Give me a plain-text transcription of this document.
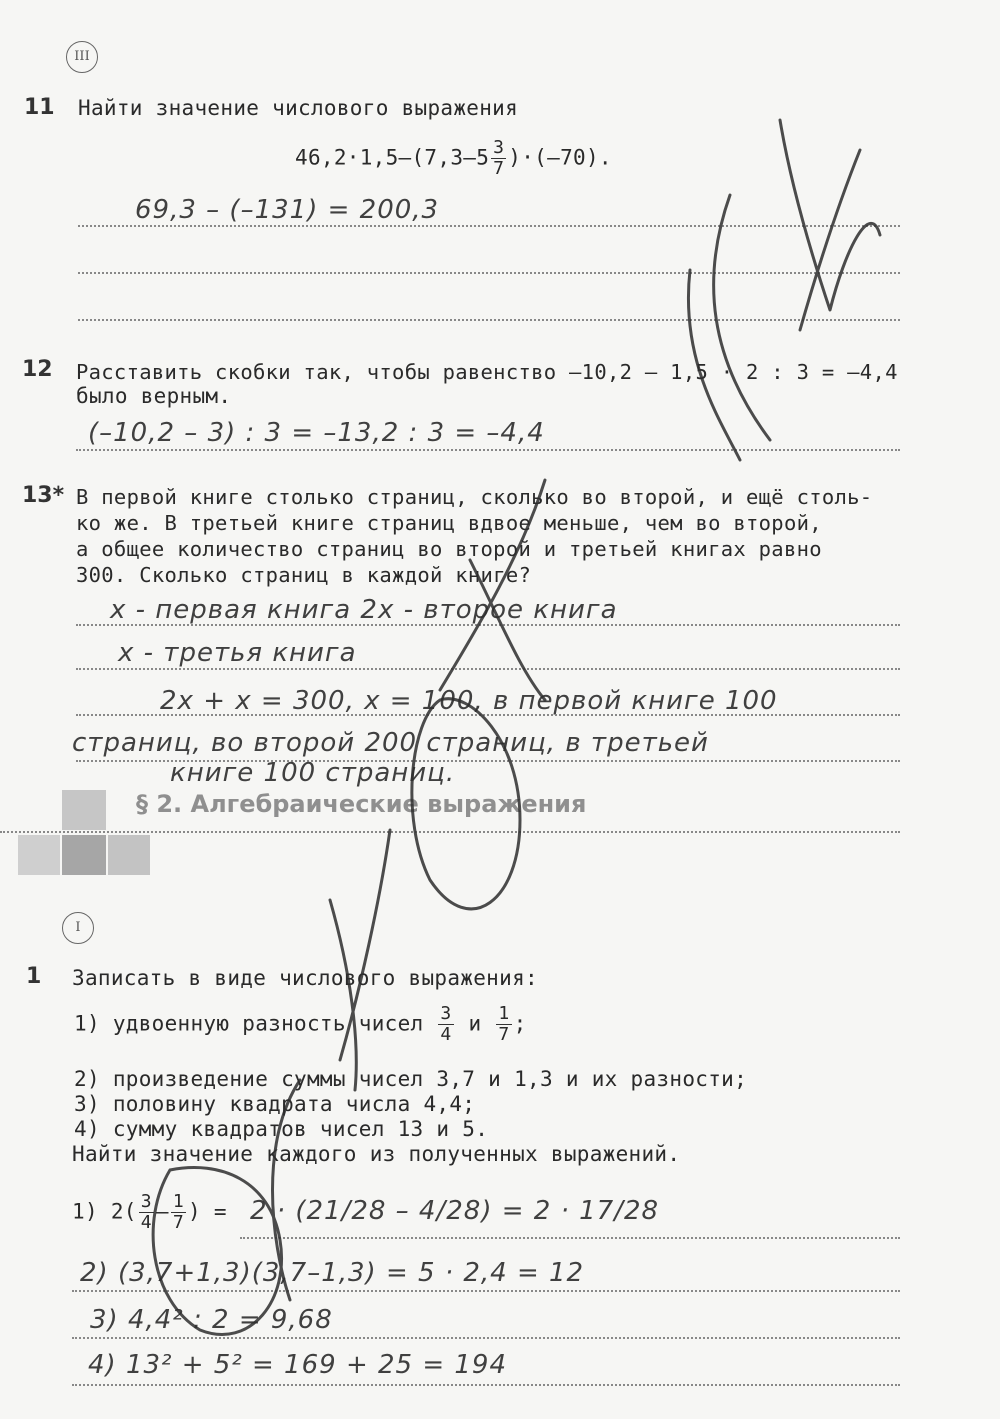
III
11 Найти значение числового выражения
$46,2\cdot 1,5-(7,3-5 \frac{3}{7} )\cdot(-70)$.
69,3 – (–131) = 200,3
12 Расставить скобки так, чтобы равенство –10,2 – 1,5 · 2 : 3 = –4,4
было верным.
(–10,2 – 3) : 3 = –13,2 : 3 = –4,4
13* В первой книге столько страниц, сколько во второй, и ещё столь-
ко же. В третьей книге страниц вдвое меньше, чем во второй,
а общее количество страниц во второй и третьей книгах равно
300. Сколько страниц в каждой книге?
x - первая книга 2x - второе книга
x - третья книга
2x + x = 300, x = 100, в первой книге 100
страниц, во второй 200 страниц, в третьей
книге 100 страниц.
§ 2. Алгебраические выражения
I
1 Записать в виде числового выражения:
1) удвоенную разность чисел $\frac{3}{4}$ и $\frac{1}{7}$ ;
2) произведение суммы чисел 3,7 и 1,3 и их разности;
3) половину квадрата числа 4,4;
4) сумму квадратов чисел 13 и 5.
Найти значение каждого из полученных выражений.
1) $2( \frac{3}{4} - \frac{1}{7}$ ) = 2 · (21/28 – 4/28) = 2 · 17/28
2) (3,7+1,3)(3,7–1,3) = 5 · 2,4 = 12
3) 4,4² : 2 = 9,68
4) 13² + 5² = 169 + 25 = 194
